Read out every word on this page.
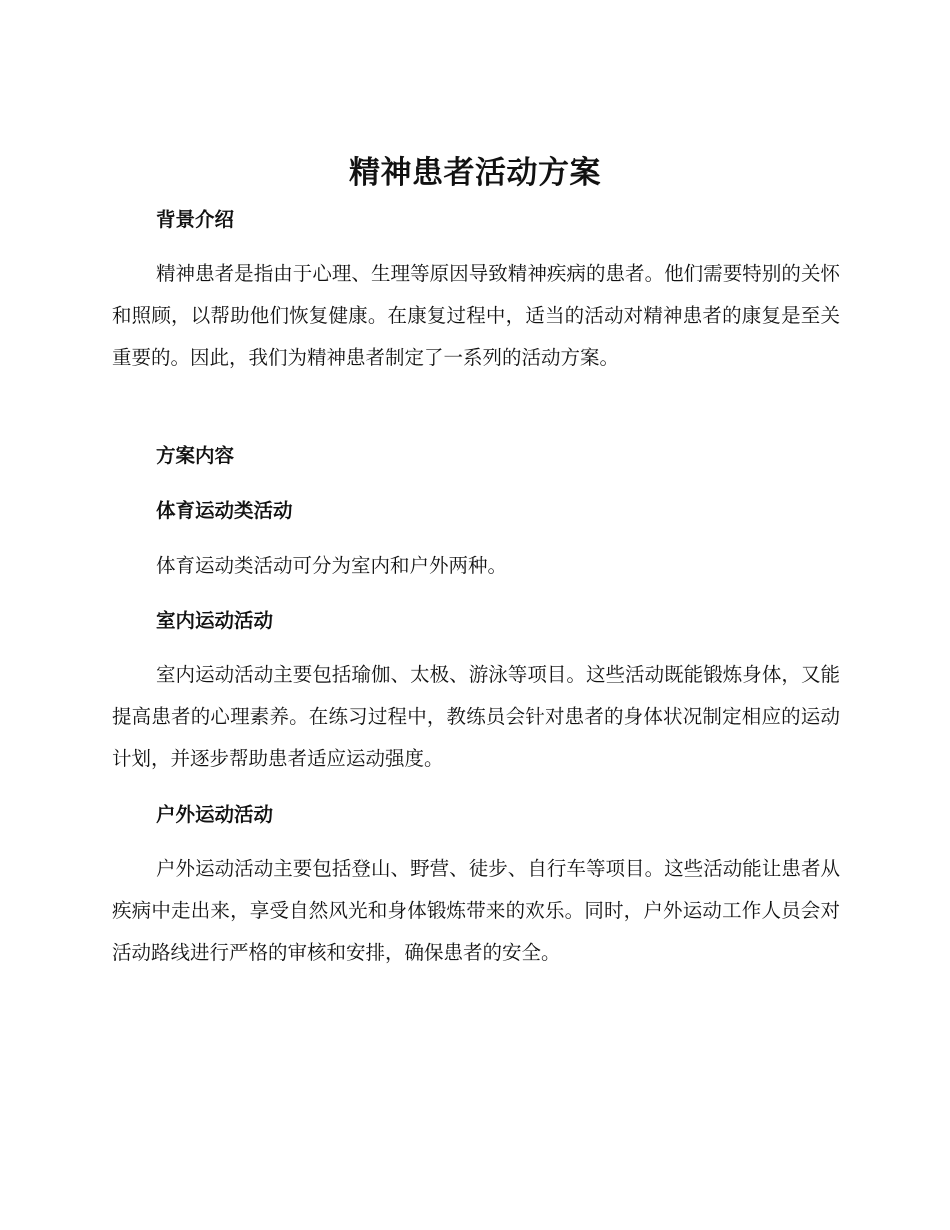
精神患者活动方案
背景介绍

精神患者是指由于心理、生理等原因导致精神疾病的患者。他们需要特别的关怀和照顾，以帮助他们恢复健康。在康复过程中，适当的活动对精神患者的康复是至关重要的。因此，我们为精神患者制定了一系列的活动方案。

方案内容
体育运动类活动

体育运动类活动可分为室内和户外两种。

室内运动活动

室内运动活动主要包括瑜伽、太极、游泳等项目。这些活动既能锻炼身体，又能提高患者的心理素养。在练习过程中，教练员会针对患者的身体状况制定相应的运动计划，并逐步帮助患者适应运动强度。

户外运动活动

户外运动活动主要包括登山、野营、徒步、自行车等项目。这些活动能让患者从疾病中走出来，享受自然风光和身体锻炼带来的欢乐。同时，户外运动工作人员会对活动路线进行严格的审核和安排，确保患者的安全。
